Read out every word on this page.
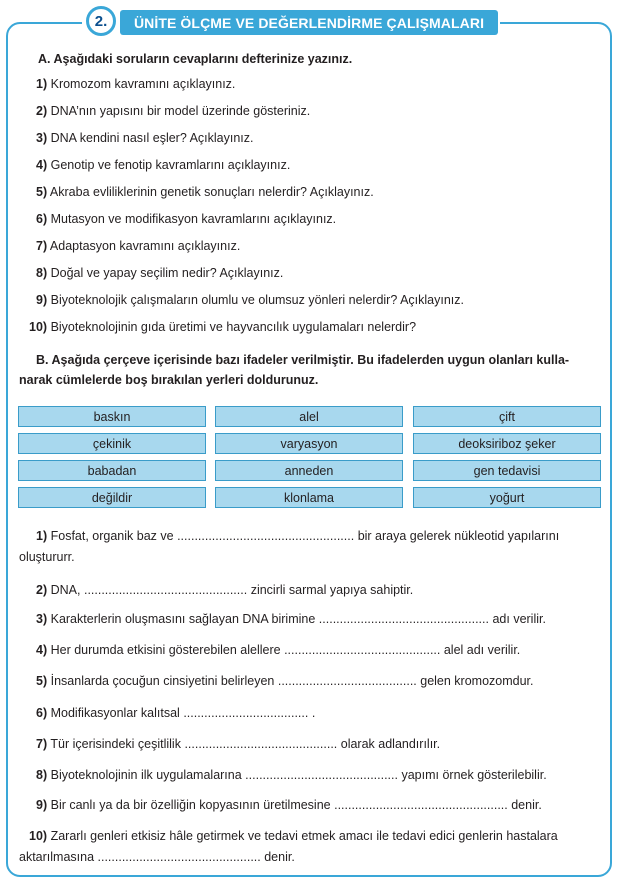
2.	ÜNİTE ÖLÇME VE DEĞERLENDİRME ÇALIŞMALARI
A. Aşağıdaki soruların cevaplarını defterinize yazınız.
1) Kromozom kavramını açıklayınız.
2) DNA’nın yapısını bir model üzerinde gösteriniz.
3) DNA kendini nasıl eşler? Açıklayınız.
4) Genotip ve fenotip kavramlarını açıklayınız.
5) Akraba evliliklerinin genetik sonuçları nelerdir? Açıklayınız.
6) Mutasyon ve modifikasyon kavramlarını açıklayınız.
7) Adaptasyon kavramını açıklayınız.
8) Doğal ve yapay seçilim nedir? Açıklayınız.
9) Biyoteknolojik çalışmaların olumlu ve olumsuz yönleri nelerdir? Açıklayınız.
10) Biyoteknolojinin gıda üretimi ve hayvancılık uygulamaları nelerdir?
B. Aşağıda çerçeve içerisinde bazı ifadeler verilmiştir. Bu ifadelerden uygun olanları kulla-
narak cümlelerde boş bırakılan yerleri doldurunuz.
baskın	alel	çift
çekinik	varyasyon	deoksiriboz şeker
babadan	anneden	gen tedavisi
değildir	klonlama	yoğurt
1) Fosfat, organik baz ve ................................................... bir araya gelerek nükleotid yapılarını
oluştururr.
2) DNA, ............................................... zincirli sarmal yapıya sahiptir.
3) Karakterlerin oluşmasını sağlayan DNA birimine ................................................. adı verilir.
4) Her durumda etkisini gösterebilen alellere ............................................. alel adı verilir.
5) İnsanlarda çocuğun cinsiyetini belirleyen ........................................ gelen kromozomdur.
6) Modifikasyonlar kalıtsal .................................... .
7) Tür içerisindeki çeşitlilik ............................................ olarak adlandırılır.
8) Biyoteknolojinin ilk uygulamalarına ............................................ yapımı örnek gösterilebilir.
9) Bir canlı ya da bir özelliğin kopyasının üretilmesine .................................................. denir.
10) Zararlı genleri etkisiz hâle getirmek ve tedavi etmek amacı ile tedavi edici genlerin hastalara
aktarılmasına ............................................... denir.
